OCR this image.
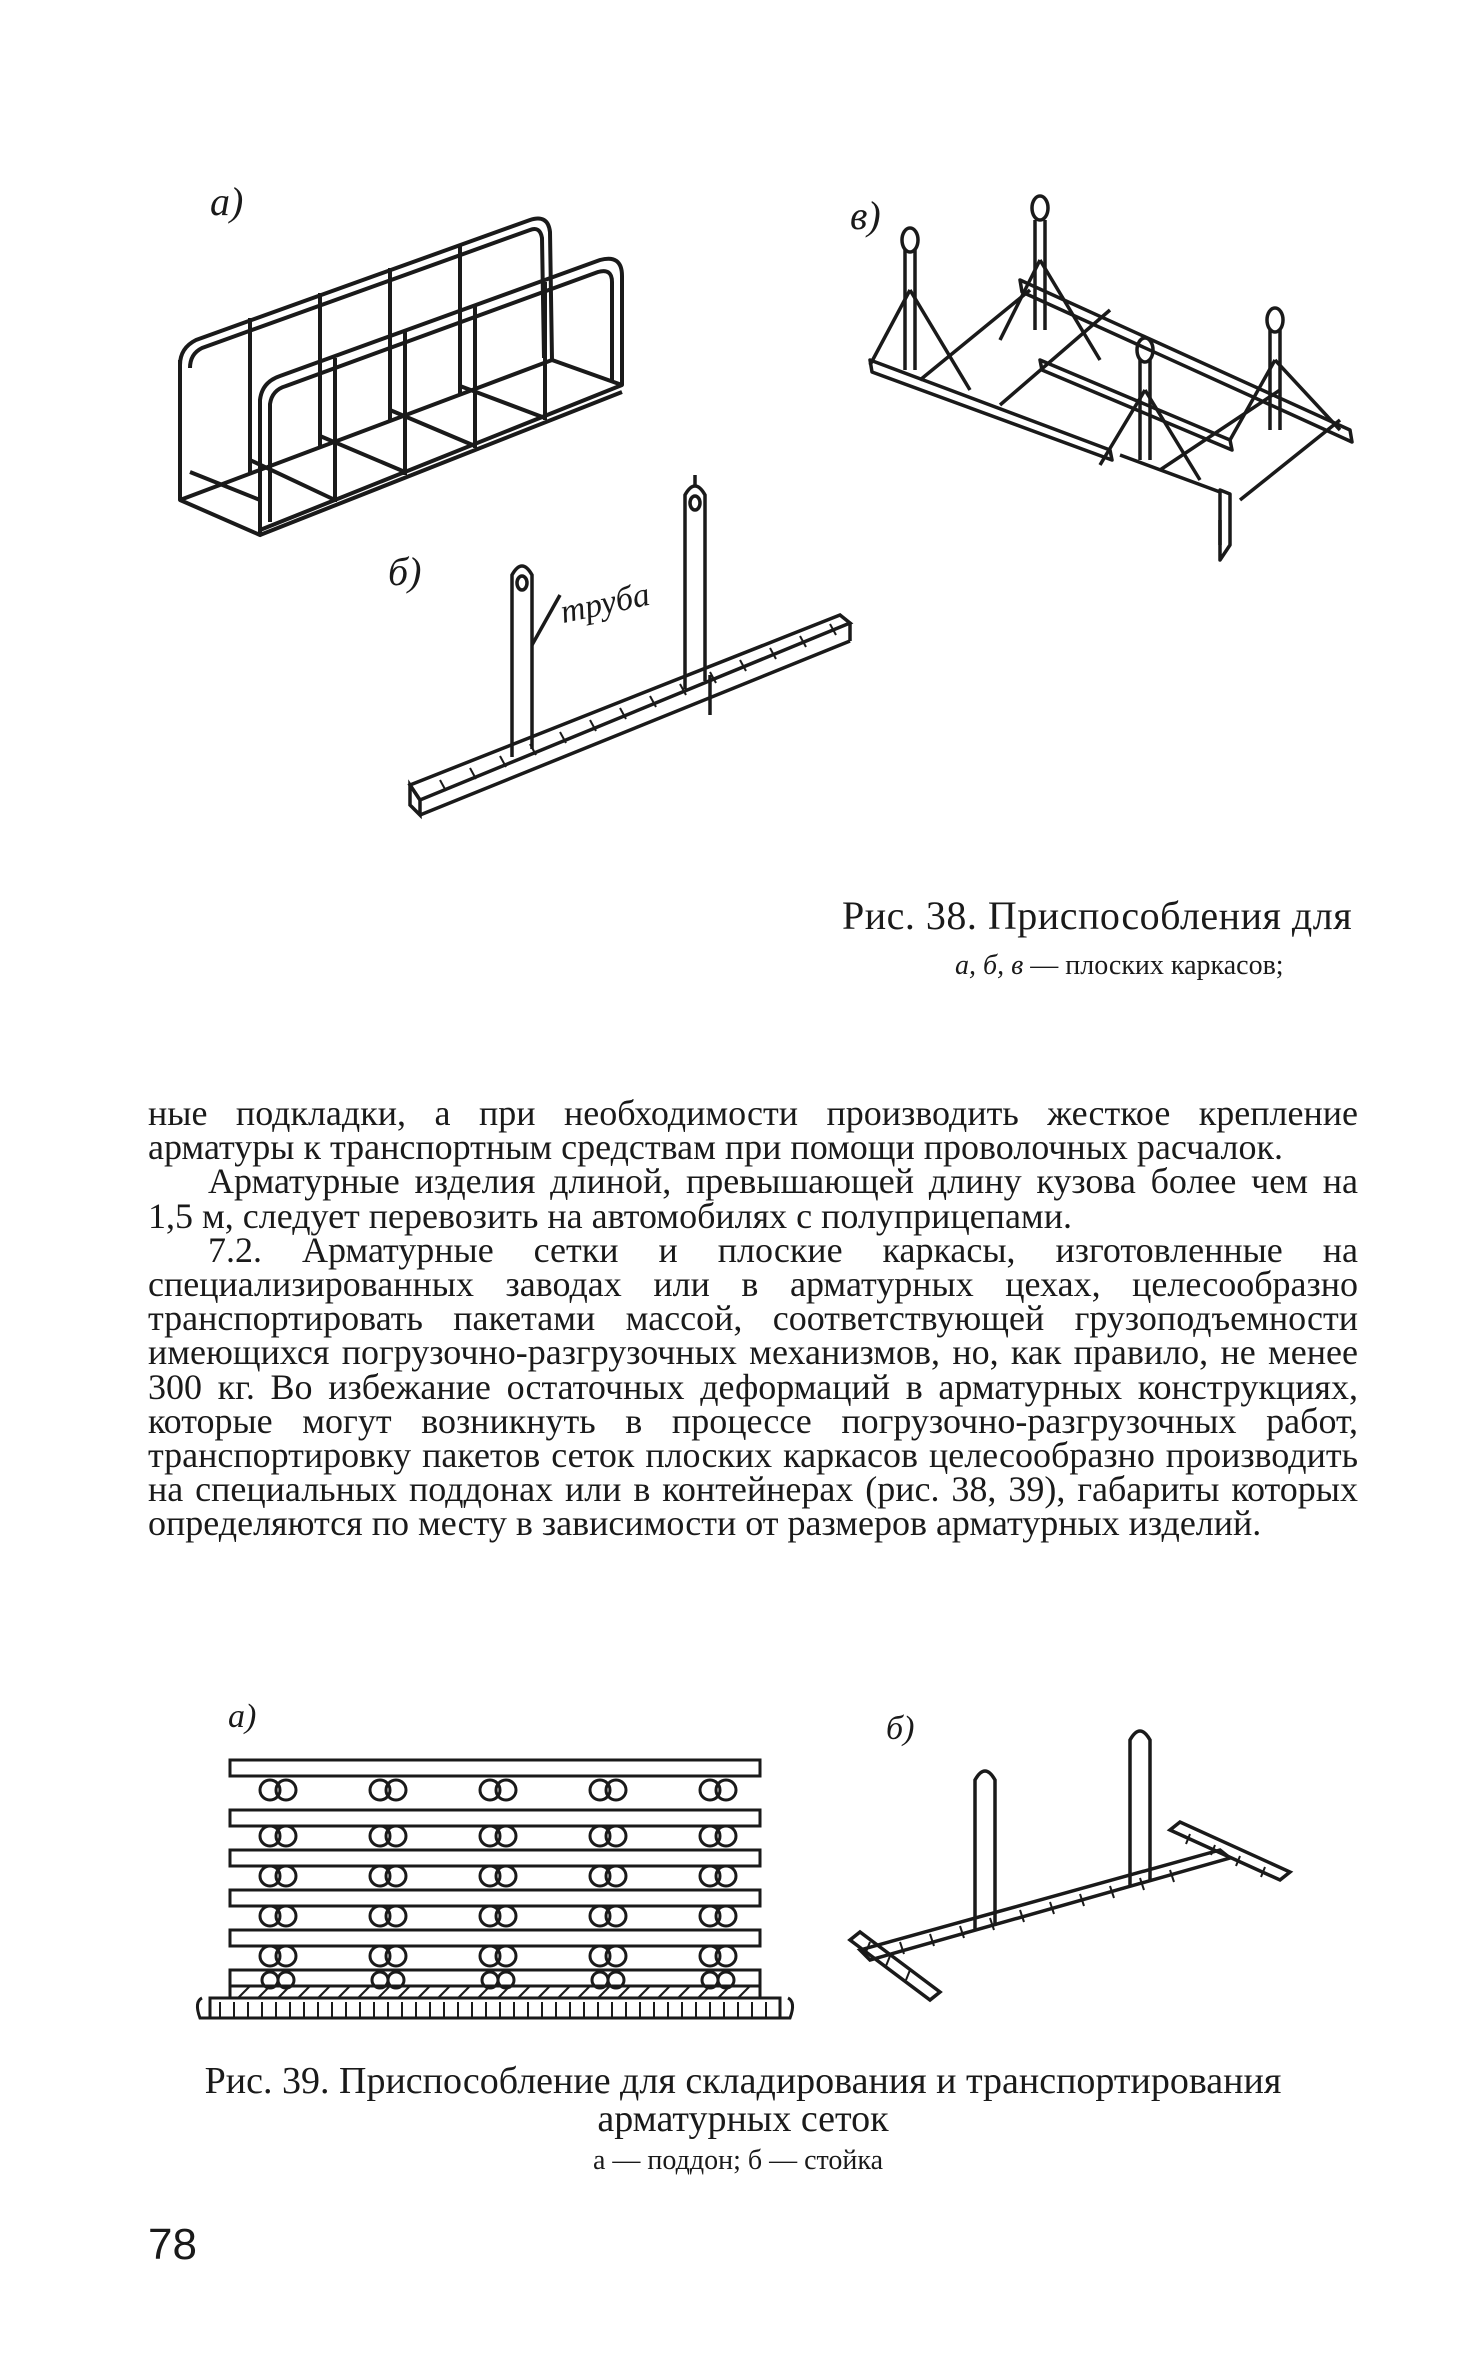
а)	в)
б)
труба
Рис. 38. Приспособления для
а, б, в — плоских каркасов;

ные подкладки, а при необходимости производить жесткое крепление арматуры к транспортным средствам при помощи проволочных расчалок.

Арматурные изделия длиной, превышающей длину кузова более чем на 1,5 м, следует перевозить на автомобилях с полуприцепами.

7.2. Арматурные сетки и плоские каркасы, изготовленные на специализированных заводах или в арматурных цехах, целесообразно транспортировать пакетами массой, соответствующей грузоподъемности имеющихся погрузочно-разгрузочных механизмов, но, как правило, не менее 300 кг. Во избежание остаточных деформаций в арматурных конструкциях, которые могут возникнуть в процессе погрузочно-разгрузочных работ, транспортировку пакетов сеток плоских каркасов целесообразно производить на специальных поддонах или в контейнерах (рис. 38, 39), габариты которых определяются по месту в зависимости от размеров арматурных изделий.

а)	б)
Рис. 39. Приспособление для складирования и транспортирования
арматурных сеток
а — поддон; б — стойка
78
